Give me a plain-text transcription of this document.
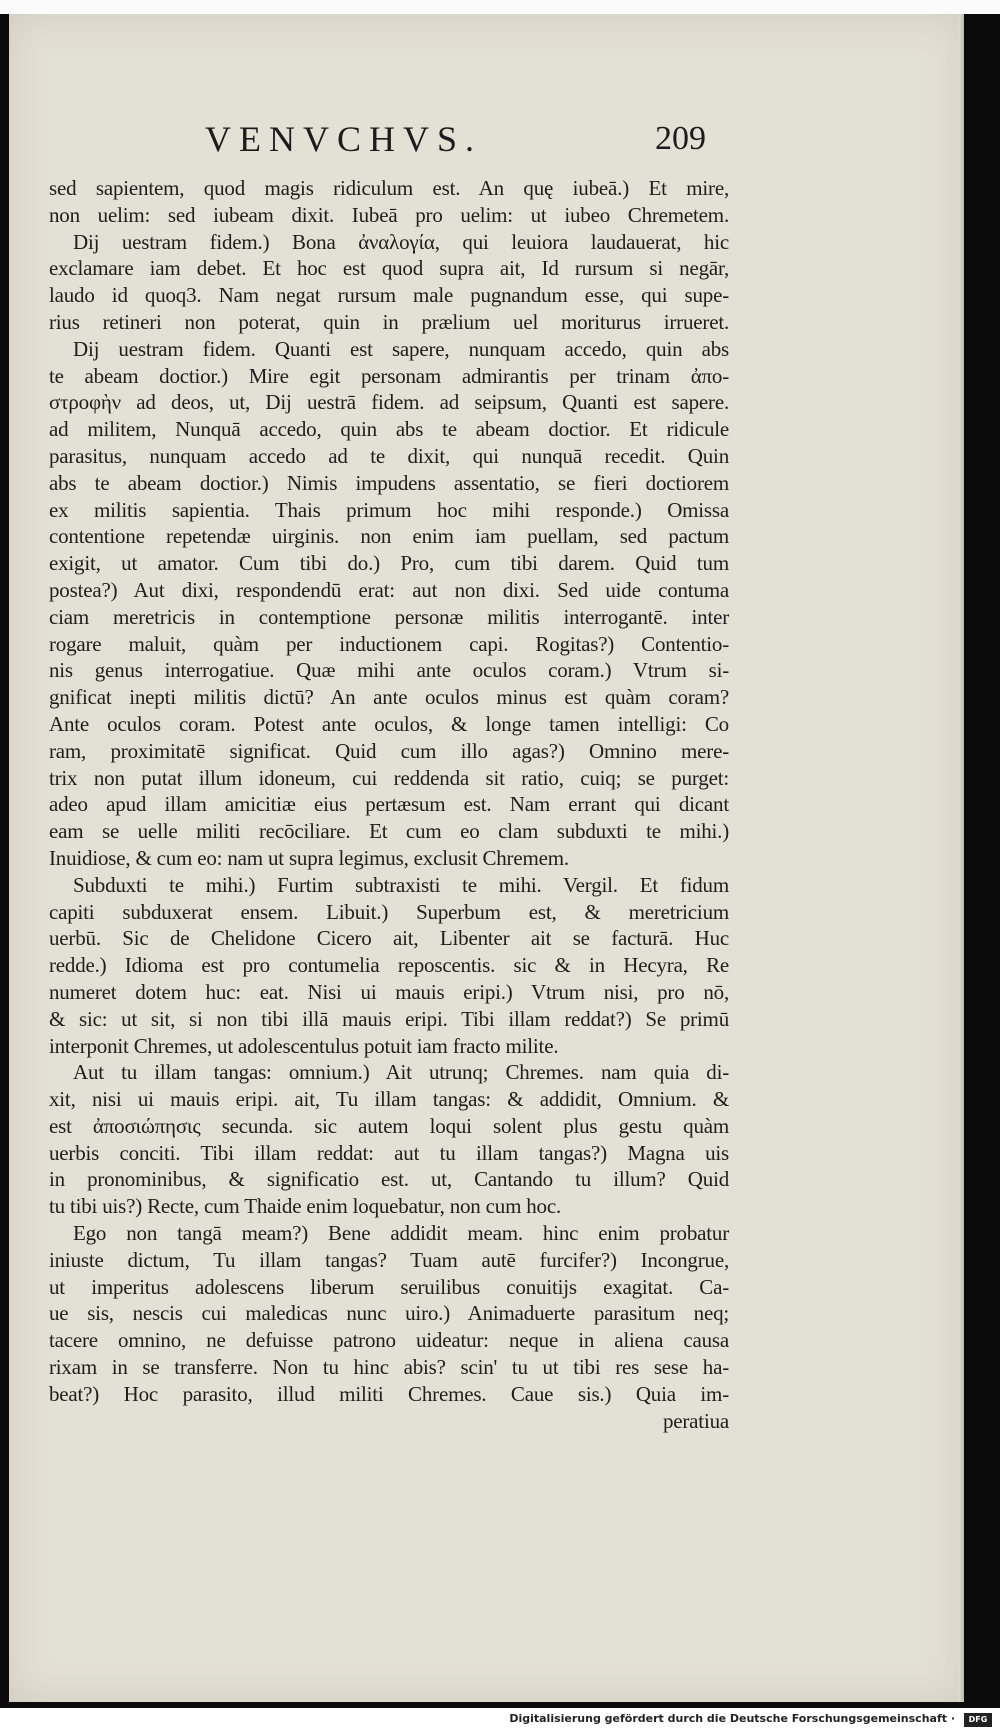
VENVCHVS.	209
sed sapientem, quod magis ridiculum est. An quę iubeā.) Et mire,
non uelim: sed iubeam dixit. Iubeā pro uelim: ut iubeo Chremetem.
Dij uestram fidem.) Bona ἀναλογία, qui leuiora laudauerat, hic
exclamare iam debet. Et hoc est quod supra ait, Id rursum si negār,
laudo id quoq3. Nam negat rursum male pugnandum esse, qui supe-
rius retineri non poterat, quin in prælium uel moriturus irrueret.
Dij uestram fidem. Quanti est sapere, nunquam accedo, quin abs
te abeam doctior.) Mire egit personam admirantis per trinam ἀπο-
στροφὴν ad deos, ut, Dij uestrā fidem. ad seipsum, Quanti est sapere.
ad militem, Nunquā accedo, quin abs te abeam doctior. Et ridicule
parasitus, nunquam accedo ad te dixit, qui nunquā recedit. Quin
abs te abeam doctior.) Nimis impudens assentatio, se fieri doctiorem
ex militis sapientia. Thais primum hoc mihi responde.) Omissa
contentione repetendæ uirginis. non enim iam puellam, sed pactum
exigit, ut amator. Cum tibi do.) Pro, cum tibi darem. Quid tum
postea?) Aut dixi, respondendū erat: aut non dixi. Sed uide contuma
ciam meretricis in contemptione personæ militis interrogantē. inter
rogare maluit, quàm per inductionem capi. Rogitas?) Contentio-
nis genus interrogatiue. Quæ mihi ante oculos coram.) Vtrum si-
gnificat inepti militis dictū? An ante oculos minus est quàm coram?
Ante oculos coram. Potest ante oculos, & longe tamen intelligi: Co
ram, proximitatē significat. Quid cum illo agas?) Omnino mere-
trix non putat illum idoneum, cui reddenda sit ratio, cuiq; se purget:
adeo apud illam amicitiæ eius pertæsum est. Nam errant qui dicant
eam se uelle militi recōciliare. Et cum eo clam subduxti te mihi.)
Inuidiose, & cum eo: nam ut supra legimus, exclusit Chremem.
Subduxti te mihi.) Furtim subtraxisti te mihi. Vergil. Et fidum
capiti subduxerat ensem. Libuit.) Superbum est, & meretricium
uerbū. Sic de Chelidone Cicero ait, Libenter ait se facturā. Huc
redde.) Idioma est pro contumelia reposcentis. sic & in Hecyra, Re
numeret dotem huc: eat. Nisi ui mauis eripi.) Vtrum nisi, pro nō,
& sic: ut sit, si non tibi illā mauis eripi. Tibi illam reddat?) Se primū
interponit Chremes, ut adolescentulus potuit iam fracto milite.
Aut tu illam tangas: omnium.) Ait utrunq; Chremes. nam quia di-
xit, nisi ui mauis eripi. ait, Tu illam tangas: & addidit, Omnium. &
est ἀποσιώπησις secunda. sic autem loqui solent plus gestu quàm
uerbis conciti. Tibi illam reddat: aut tu illam tangas?) Magna uis
in pronominibus, & significatio est. ut, Cantando tu illum? Quid
tu tibi uis?) Recte, cum Thaide enim loquebatur, non cum hoc.
Ego non tangā meam?) Bene addidit meam. hinc enim probatur
iniuste dictum, Tu illam tangas? Tuam autē furcifer?) Incongrue,
ut imperitus adolescens liberum seruilibus conuitijs exagitat. Ca-
ue sis, nescis cui maledicas nunc uiro.) Animaduerte parasitum neq;
tacere omnino, ne defuisse patrono uideatur: neque in aliena causa
rixam in se transferre. Non tu hinc abis? scin' tu ut tibi res sese ha-
beat?) Hoc parasito, illud militi Chremes. Caue sis.) Quia im-
peratiua
Digitalisierung gefördert durch die Deutsche Forschungsgemeinschaft ·	DFG
